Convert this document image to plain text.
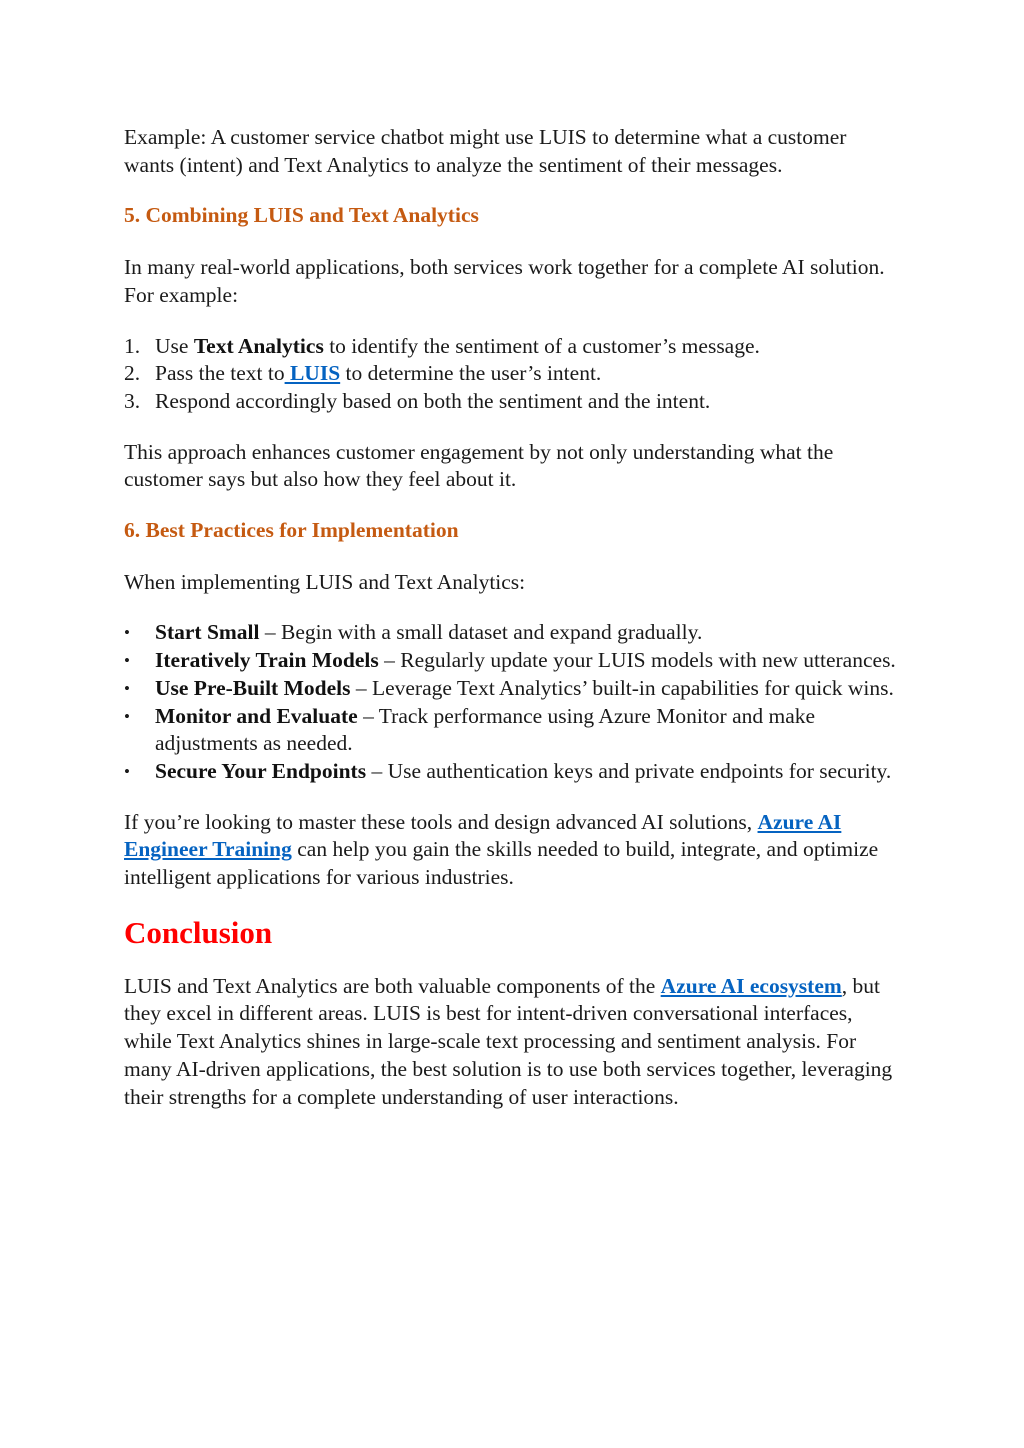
Example: A customer service chatbot might use LUIS to determine what a customer wants (intent) and Text Analytics to analyze the sentiment of their messages.

5. Combining LUIS and Text Analytics

In many real-world applications, both services work together for a complete AI solution.

For example:

1. Use Text Analytics to identify the sentiment of a customer’s message.
2. Pass the text to LUIS to determine the user’s intent.
3. Respond accordingly based on both the sentiment and the intent.

This approach enhances customer engagement by not only understanding what the customer says but also how they feel about it.

6. Best Practices for Implementation

When implementing LUIS and Text Analytics:

•	Start Small – Begin with a small dataset and expand gradually.
•	Iteratively Train Models – Regularly update your LUIS models with new utterances.
•	Use Pre-Built Models – Leverage Text Analytics’ built-in capabilities for quick wins.
•	Monitor and Evaluate – Track performance using Azure Monitor and make adjustments as needed.
•	Secure Your Endpoints – Use authentication keys and private endpoints for security.

If you’re looking to master these tools and design advanced AI solutions, Azure AI Engineer Training can help you gain the skills needed to build, integrate, and optimize intelligent applications for various industries.

Conclusion

LUIS and Text Analytics are both valuable components of the Azure AI ecosystem, but they excel in different areas. LUIS is best for intent-driven conversational interfaces, while Text Analytics shines in large-scale text processing and sentiment analysis. For many AI-driven applications, the best solution is to use both services together, leveraging their strengths for a complete understanding of user interactions.
